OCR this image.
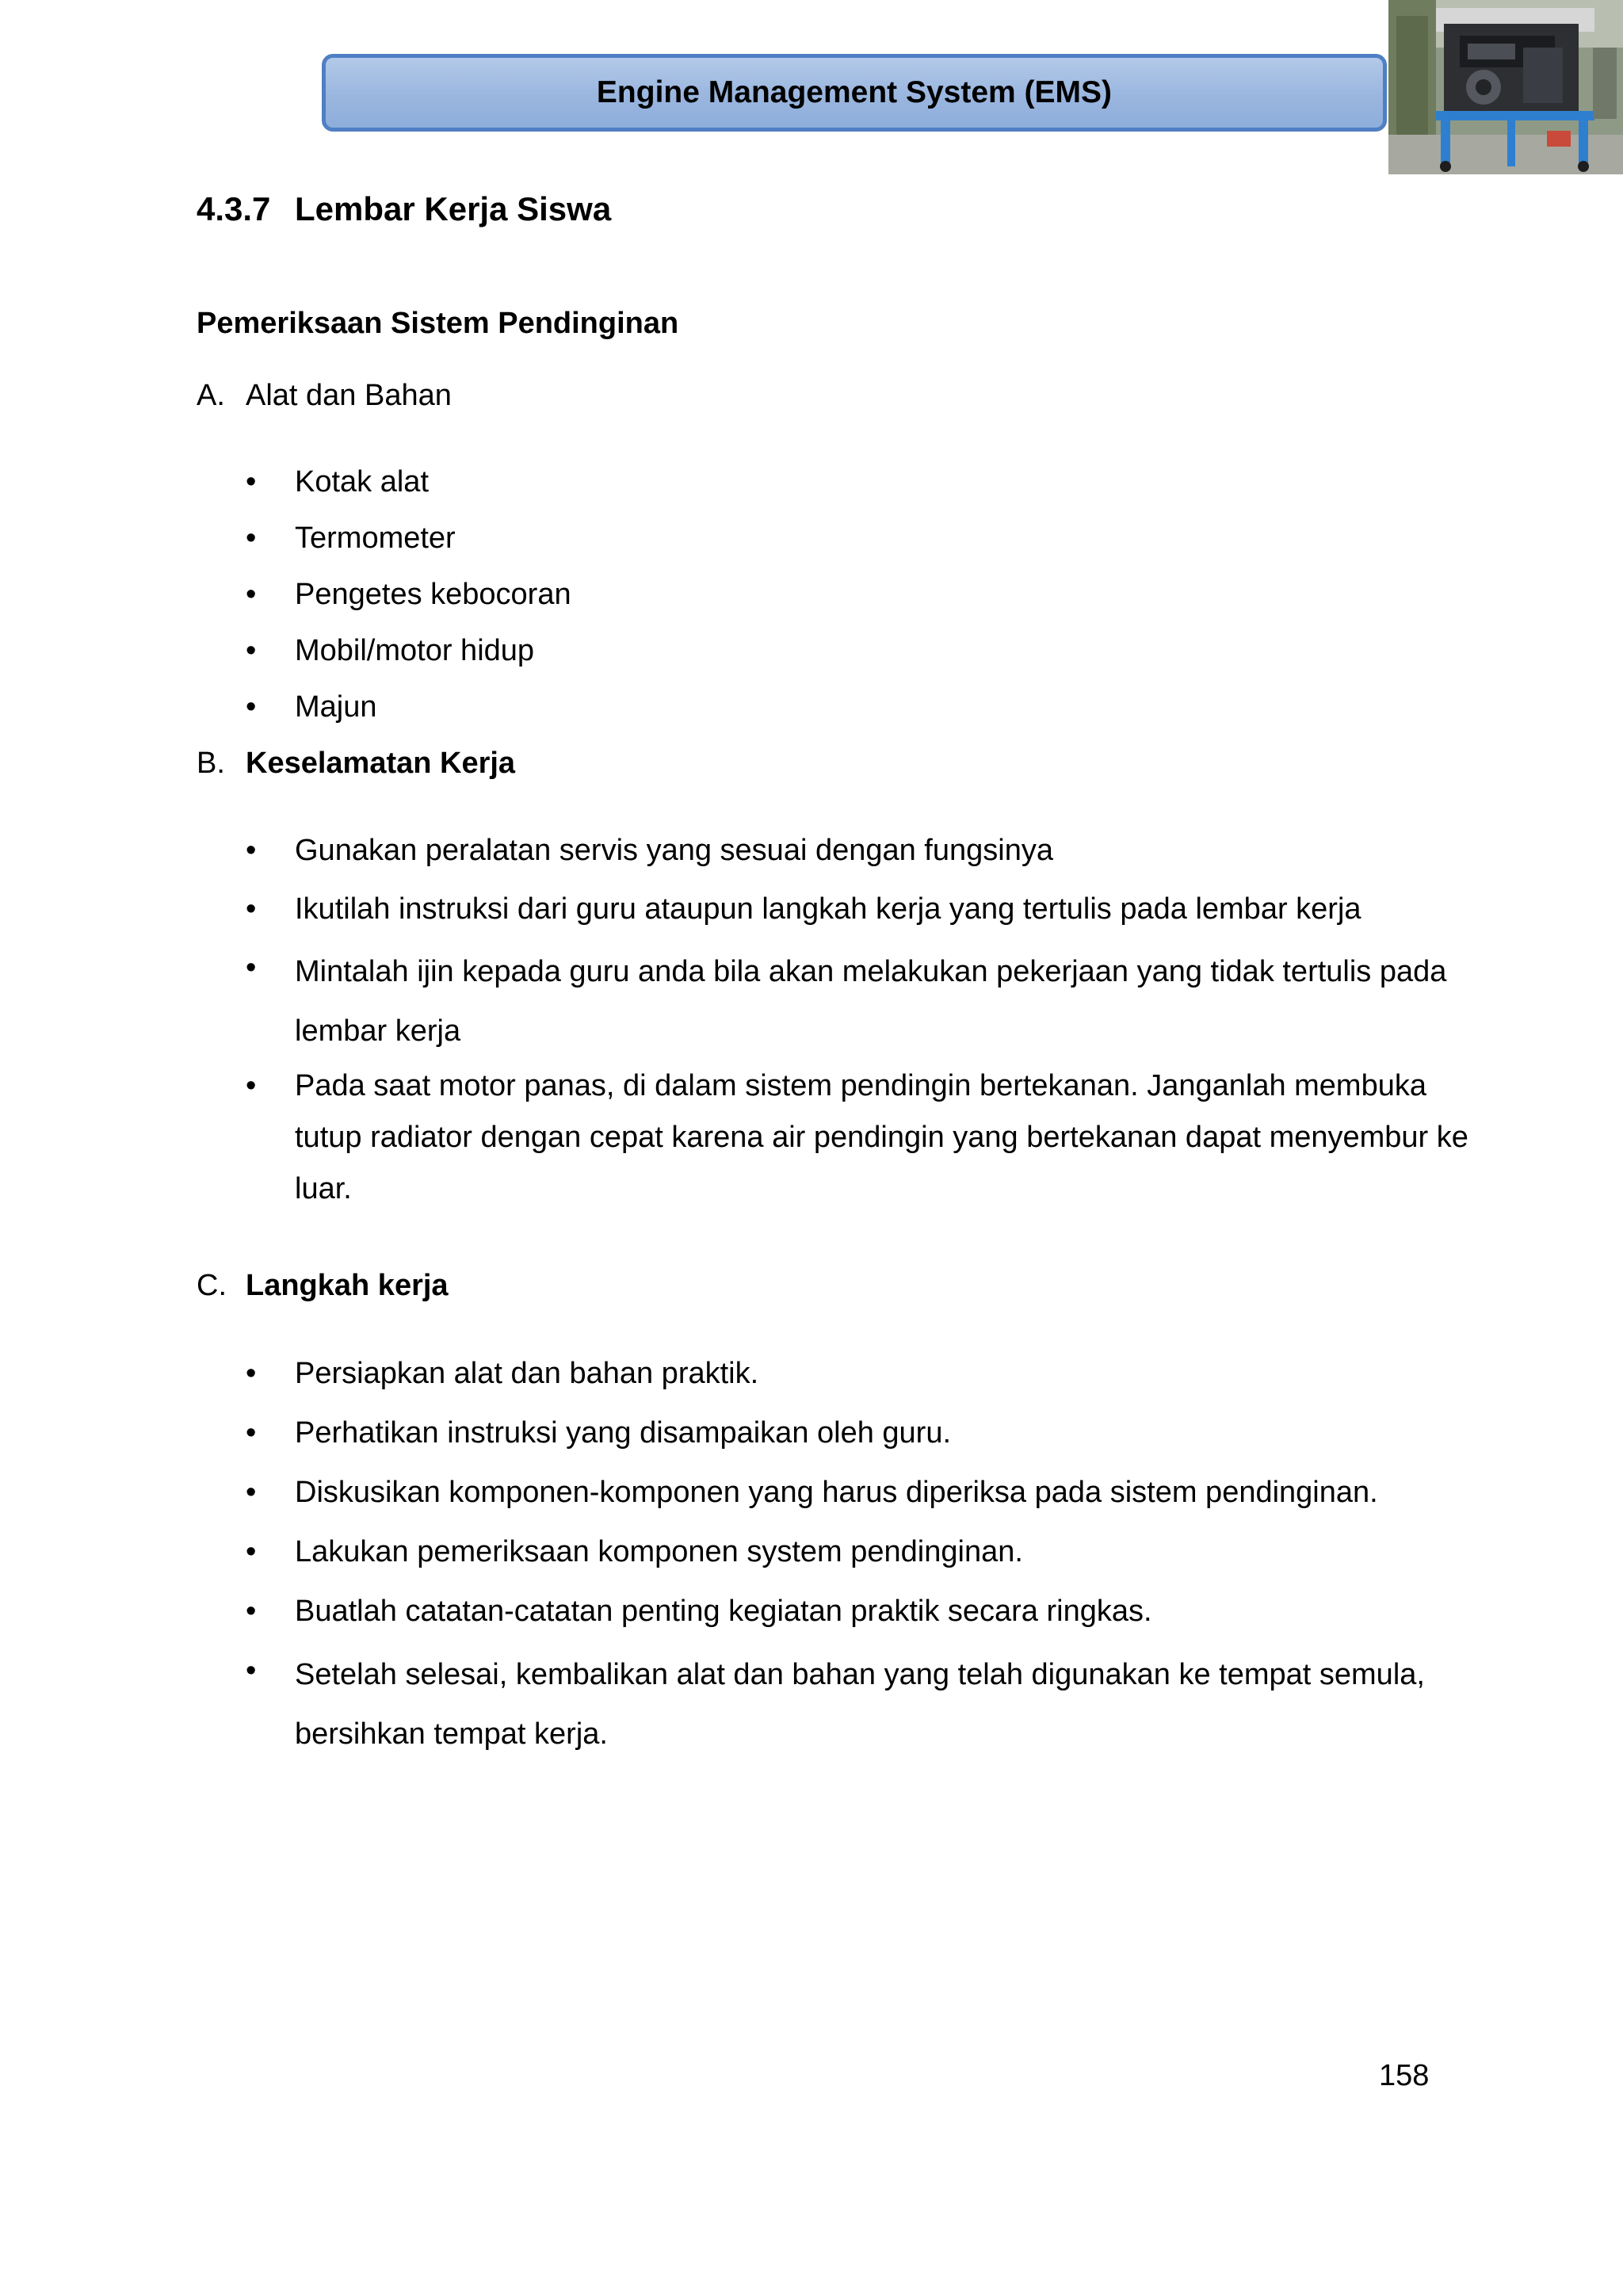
Engine Management System (EMS)
4.3.7 Lembar Kerja Siswa
Pemeriksaan Sistem Pendinginan
A. Alat dan Bahan
•	Kotak alat
•	Termometer
•	Pengetes kebocoran
•	Mobil/motor hidup
•	Majun
B. Keselamatan Kerja
•	Gunakan peralatan servis yang sesuai dengan fungsinya
•	Ikutilah instruksi dari guru ataupun langkah kerja yang tertulis pada lembar kerja
•	Mintalah ijin kepada guru anda bila akan melakukan pekerjaan yang tidak tertulis pada lembar kerja
•	Pada saat motor panas, di dalam sistem pendingin bertekanan. Janganlah membuka tutup radiator dengan cepat karena air pendingin yang bertekanan dapat menyembur ke luar.
C. Langkah kerja
•	Persiapkan alat dan bahan praktik.
•	Perhatikan instruksi yang disampaikan oleh guru.
•	Diskusikan komponen-komponen yang harus diperiksa pada sistem pendinginan.
•	Lakukan pemeriksaan komponen system pendinginan.
•	Buatlah catatan-catatan penting kegiatan praktik secara ringkas.
•	Setelah selesai, kembalikan alat dan bahan yang telah digunakan ke tempat semula, bersihkan tempat kerja.
158
